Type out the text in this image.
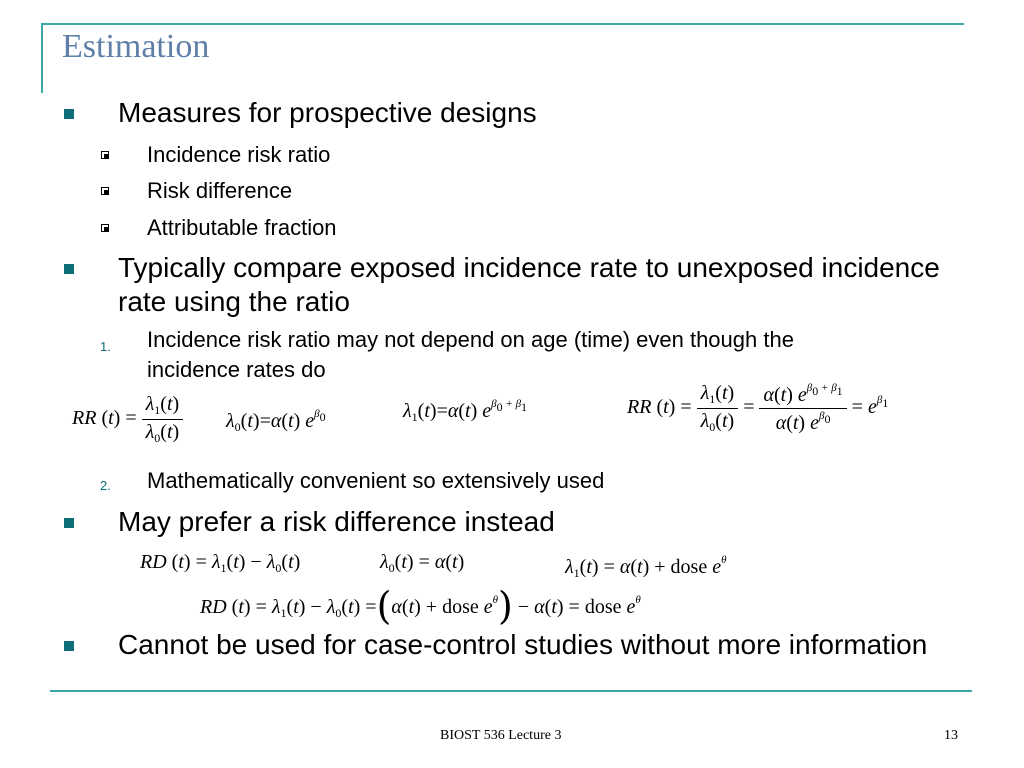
Estimation
Measures for prospective designs
Incidence risk ratio
Risk difference
Attributable fraction
Typically compare exposed incidence rate to unexposed incidence
rate using the ratio
1. Incidence risk ratio may not depend on age (time) even though the
incidence rates do
RR $(t) = \frac{\lambda_1(t)}{\lambda_0(t)} \lambda_0(t)=\alpha(t)$ $e^{\beta 0}$	$\lambda_1(t)=\alpha(t)$ $e^{\beta 0 + \beta 1}$	RR $(t) = \frac{\lambda_1(t)}{\lambda_0(t)} = \frac{\alpha(t) e^{\beta 0 + \beta 1}}{\alpha(t) e^{\beta 0}} = e^{\beta 1}$
2. Mathematically convenient so extensively used
May prefer a risk difference instead
RD $(t) = \lambda_1(t) - \lambda_0(t)$	$\lambda_0(t) = \alpha(t)$	$\lambda_1(t) = \alpha(t)$ + dose $e^\theta$
RD $(t) = \lambda_1(t) - \lambda_0(t) =(\alpha(t)$ + dose $e^\theta) - \alpha(t)$ = dose $e^\theta$
Cannot be used for case-control studies without more information
BIOST 536 Lecture 3	13
